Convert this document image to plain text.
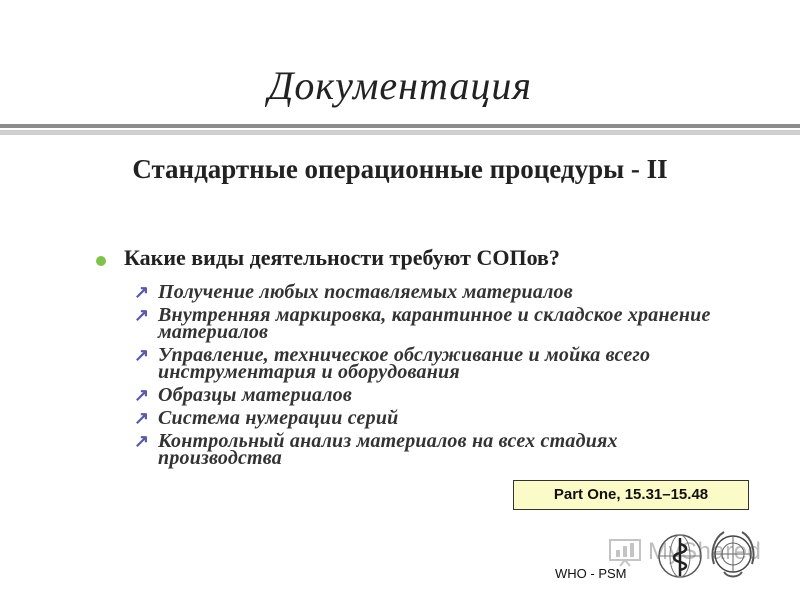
Документация
Стандартные операционные процедуры - II
Какие виды деятельности требуют СОПов?
↗ Получение любых поставляемых материалов
↗ Внутренняя маркировка, карантинное и складское хранение материалов
↗ Управление, техническое обслуживание и мойка всего инструментария и оборудования
↗ Образцы материалов
↗ Система нумерации серий
↗ Контрольный анализ материалов на всех стадиях производства
Part One, 15.31–15.48
MyShared
WHO - PSM
